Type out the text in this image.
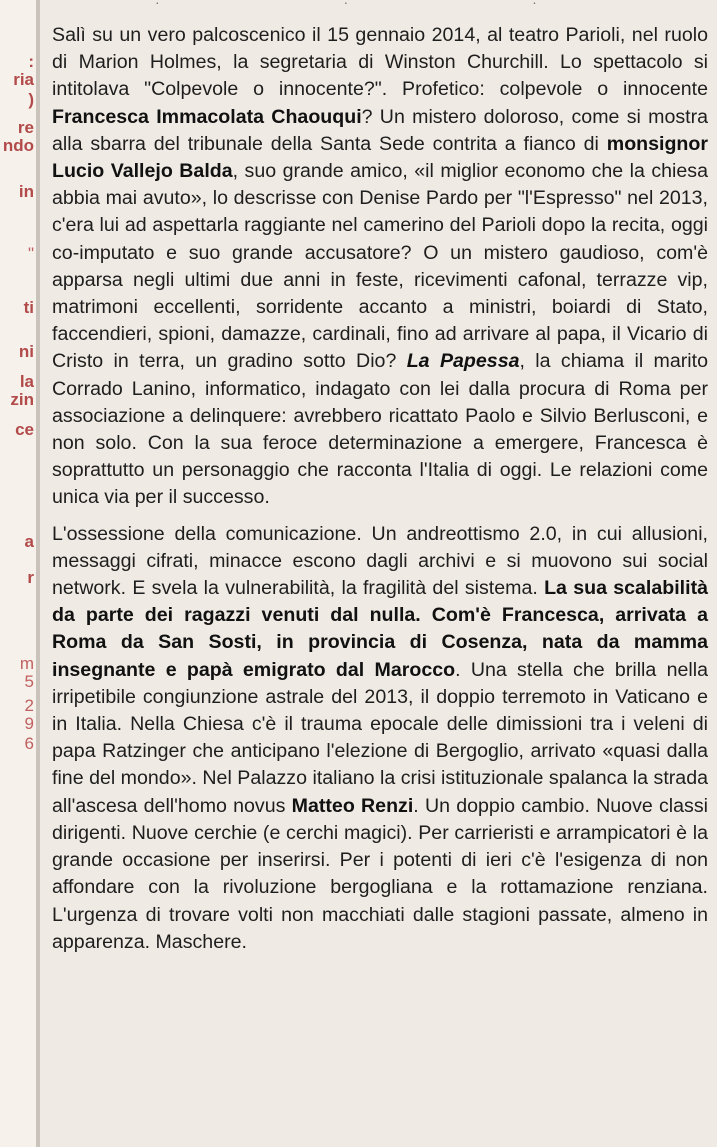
:
ria
)
re
ndo
in
"
ti
ni
la
zin
ce
a
r
m
5
2
9
6
· · ·

Salì su un vero palcoscenico il 15 gennaio 2014, al teatro Parioli, nel ruolo di Marion Holmes, la segretaria di Winston Churchill. Lo spettacolo si intitolava "Colpevole o innocente?". Profetico: colpevole o innocente Francesca Immacolata Chaouqui? Un mistero doloroso, come si mostra alla sbarra del tribunale della Santa Sede contrita a fianco di monsignor Lucio Vallejo Balda, suo grande amico, «il miglior economo che la chiesa abbia mai avuto», lo descrisse con Denise Pardo per "l'Espresso" nel 2013, c'era lui ad aspettarla raggiante nel camerino del Parioli dopo la recita, oggi co-imputato e suo grande accusatore? O un mistero gaudioso, com'è apparsa negli ultimi due anni in feste, ricevimenti cafonal, terrazze vip, matrimoni eccellenti, sorridente accanto a ministri, boiardi di Stato, faccendieri, spioni, damazze, cardinali, fino ad arrivare al papa, il Vicario di Cristo in terra, un gradino sotto Dio? La Papessa, la chiama il marito Corrado Lanino, informatico, indagato con lei dalla procura di Roma per associazione a delinquere: avrebbero ricattato Paolo e Silvio Berlusconi, e non solo. Con la sua feroce determinazione a emergere, Francesca è soprattutto un personaggio che racconta l'Italia di oggi. Le relazioni come unica via per il successo.

L'ossessione della comunicazione. Un andreottismo 2.0, in cui allusioni, messaggi cifrati, minacce escono dagli archivi e si muovono sui social network. E svela la vulnerabilità, la fragilità del sistema. La sua scalabilità da parte dei ragazzi venuti dal nulla. Com'è Francesca, arrivata a Roma da San Sosti, in provincia di Cosenza, nata da mamma insegnante e papà emigrato dal Marocco. Una stella che brilla nella irripetibile congiunzione astrale del 2013, il doppio terremoto in Vaticano e in Italia. Nella Chiesa c'è il trauma epocale delle dimissioni tra i veleni di papa Ratzinger che anticipano l'elezione di Bergoglio, arrivato «quasi dalla fine del mondo». Nel Palazzo italiano la crisi istituzionale spalanca la strada all'ascesa dell'homo novus Matteo Renzi. Un doppio cambio. Nuove classi dirigenti. Nuove cerchie (e cerchi magici). Per carrieristi e arrampicatori è la grande occasione per inserirsi. Per i potenti di ieri c'è l'esigenza di non affondare con la rivoluzione bergogliana e la rottamazione renziana. L'urgenza di trovare volti non macchiati dalle stagioni passate, almeno in apparenza. Maschere.
